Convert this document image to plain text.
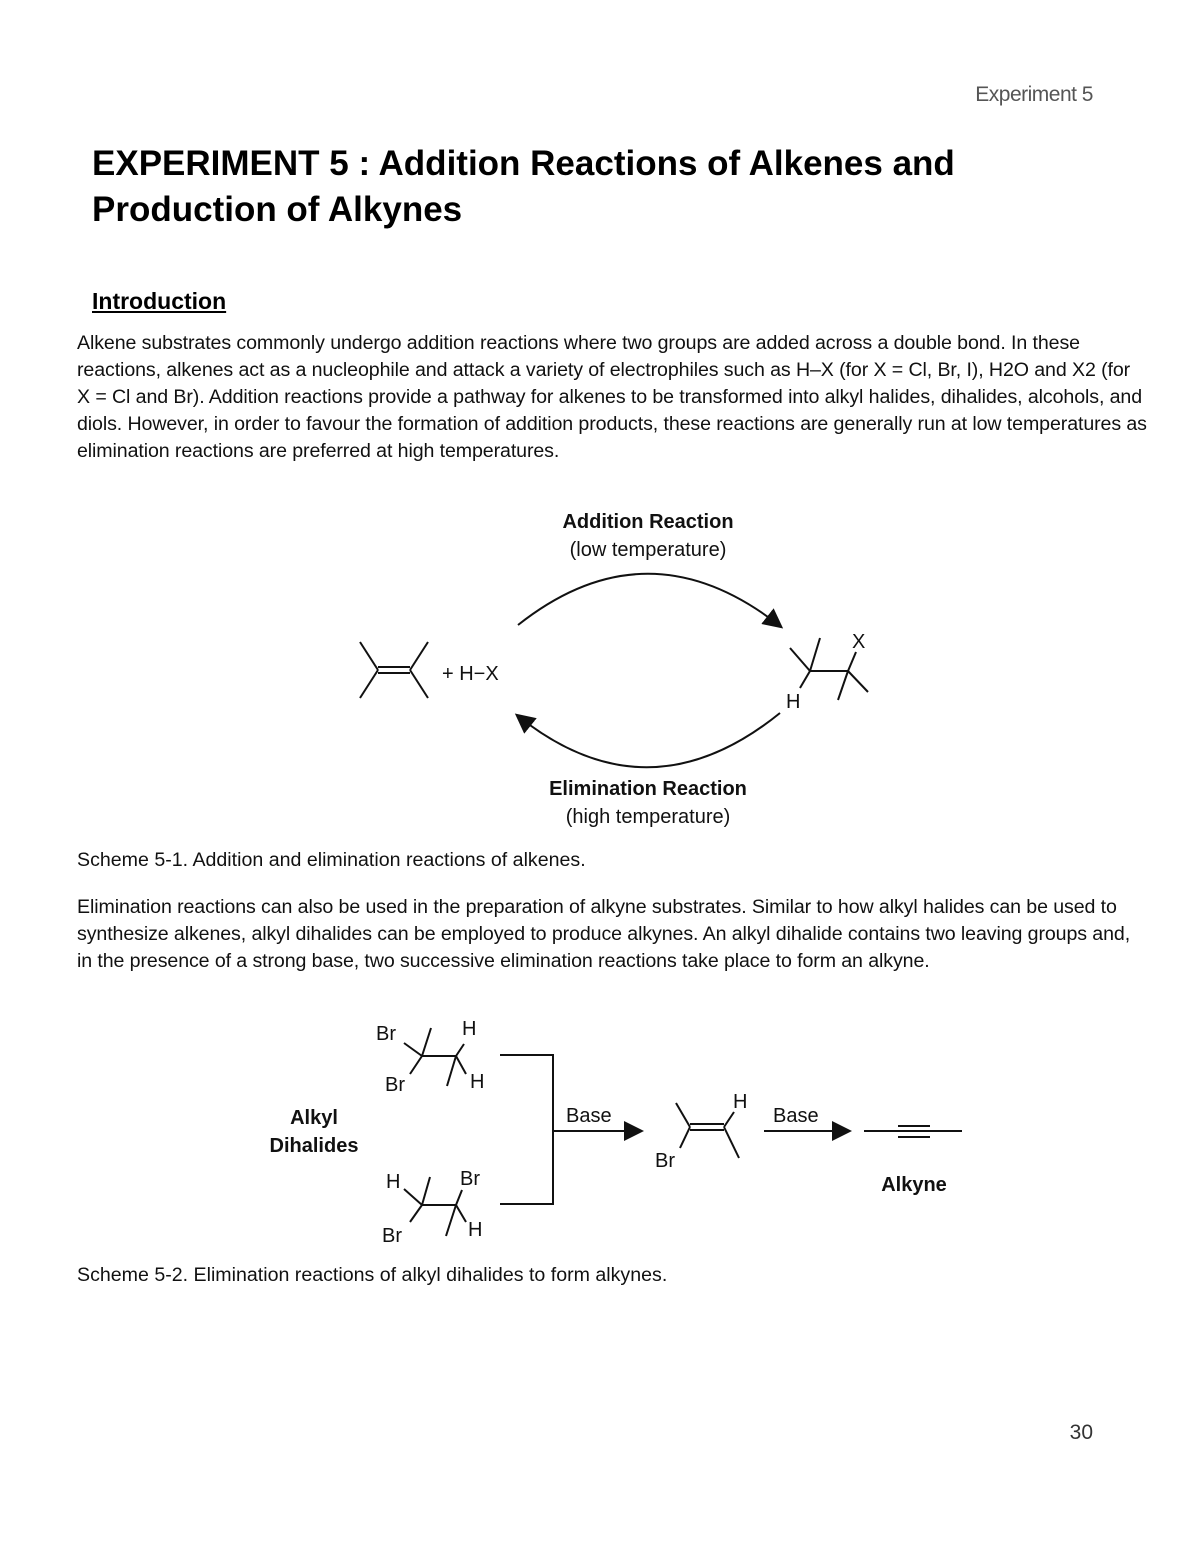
Experiment 5
EXPERIMENT 5 : Addition Reactions of Alkenes and Production of Alkynes
Introduction

Alkene substrates commonly undergo addition reactions where two groups are added across a double bond. In these reactions, alkenes act as a nucleophile and attack a variety of electrophiles such as H–X (for X = Cl, Br, I), H2O and X2 (for X = Cl and Br). Addition reactions provide a pathway for alkenes to be transformed into alkyl halides, dihalides, alcohols, and diols. However, in order to favour the formation of addition products, these reactions are generally run at low temperatures as elimination reactions are preferred at high temperatures.

Addition Reaction
(low temperature)
+ H−X
X
H
Elimination Reaction
(high temperature)

Scheme 5-1. Addition and elimination reactions of alkenes.

Elimination reactions can also be used in the preparation of alkyne substrates. Similar to how alkyl halides can be used to synthesize alkenes, alkyl dihalides can be employed to produce alkynes. An alkyl dihalide contains two leaving groups and, in the presence of a strong base, two successive elimination reactions take place to form an alkyne.

Alkyl
Dihalides
Br	H
Br	H
H	Br
Br	H
Base
H
Br
Base
Alkyne

Scheme 5-2. Elimination reactions of alkyl dihalides to form alkynes.

30
